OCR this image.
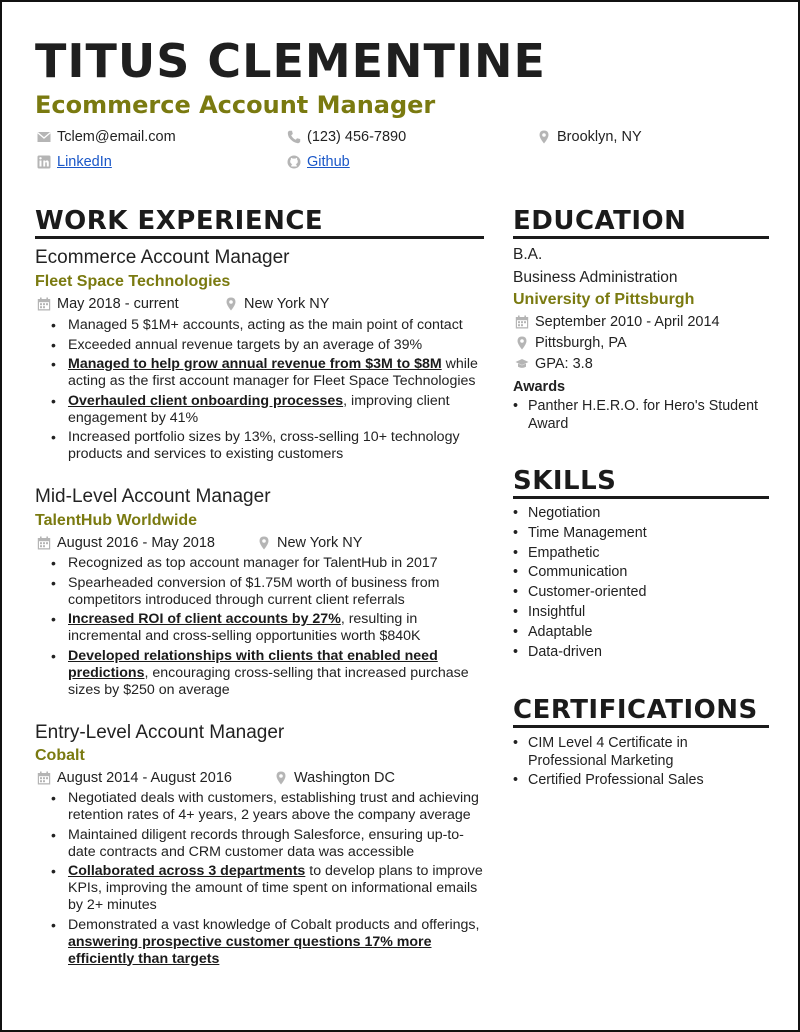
TITUS CLEMENTINE
Ecommerce Account Manager
Tclem@email.com	(123) 456-7890	Brooklyn, NY
LinkedIn	Github
WORK EXPERIENCE
Ecommerce Account Manager
Fleet Space Technologies
May 2018 - current	New York NY
• Managed 5 $1M+ accounts, acting as the main point of contact
• Exceeded annual revenue targets by an average of 39%
• Managed to help grow annual revenue from $3M to $8M while acting as the first account manager for Fleet Space Technologies
• Overhauled client onboarding processes, improving client engagement by 41%
• Increased portfolio sizes by 13%, cross-selling 10+ technology products and services to existing customers
Mid-Level Account Manager
TalentHub Worldwide
August 2016 - May 2018	New York NY
• Recognized as top account manager for TalentHub in 2017
• Spearheaded conversion of $1.75M worth of business from competitors introduced through current client referrals
• Increased ROI of client accounts by 27%, resulting in incremental and cross-selling opportunities worth $840K
• Developed relationships with clients that enabled need predictions, encouraging cross-selling that increased purchase sizes by $250 on average
Entry-Level Account Manager
Cobalt
August 2014 - August 2016	Washington DC
• Negotiated deals with customers, establishing trust and achieving retention rates of 4+ years, 2 years above the company average
• Maintained diligent records through Salesforce, ensuring up-to-date contracts and CRM customer data was accessible
• Collaborated across 3 departments to develop plans to improve KPIs, improving the amount of time spent on informational emails by 2+ minutes
• Demonstrated a vast knowledge of Cobalt products and offerings, answering prospective customer questions 17% more efficiently than targets
EDUCATION
B.A.
Business Administration
University of Pittsburgh
September 2010 - April 2014
Pittsburgh, PA
GPA: 3.8
Awards
• Panther H.E.R.O. for Hero's Student Award
SKILLS
• Negotiation
• Time Management
• Empathetic
• Communication
• Customer-oriented
• Insightful
• Adaptable
• Data-driven
CERTIFICATIONS
• CIM Level 4 Certificate in Professional Marketing
• Certified Professional Sales
